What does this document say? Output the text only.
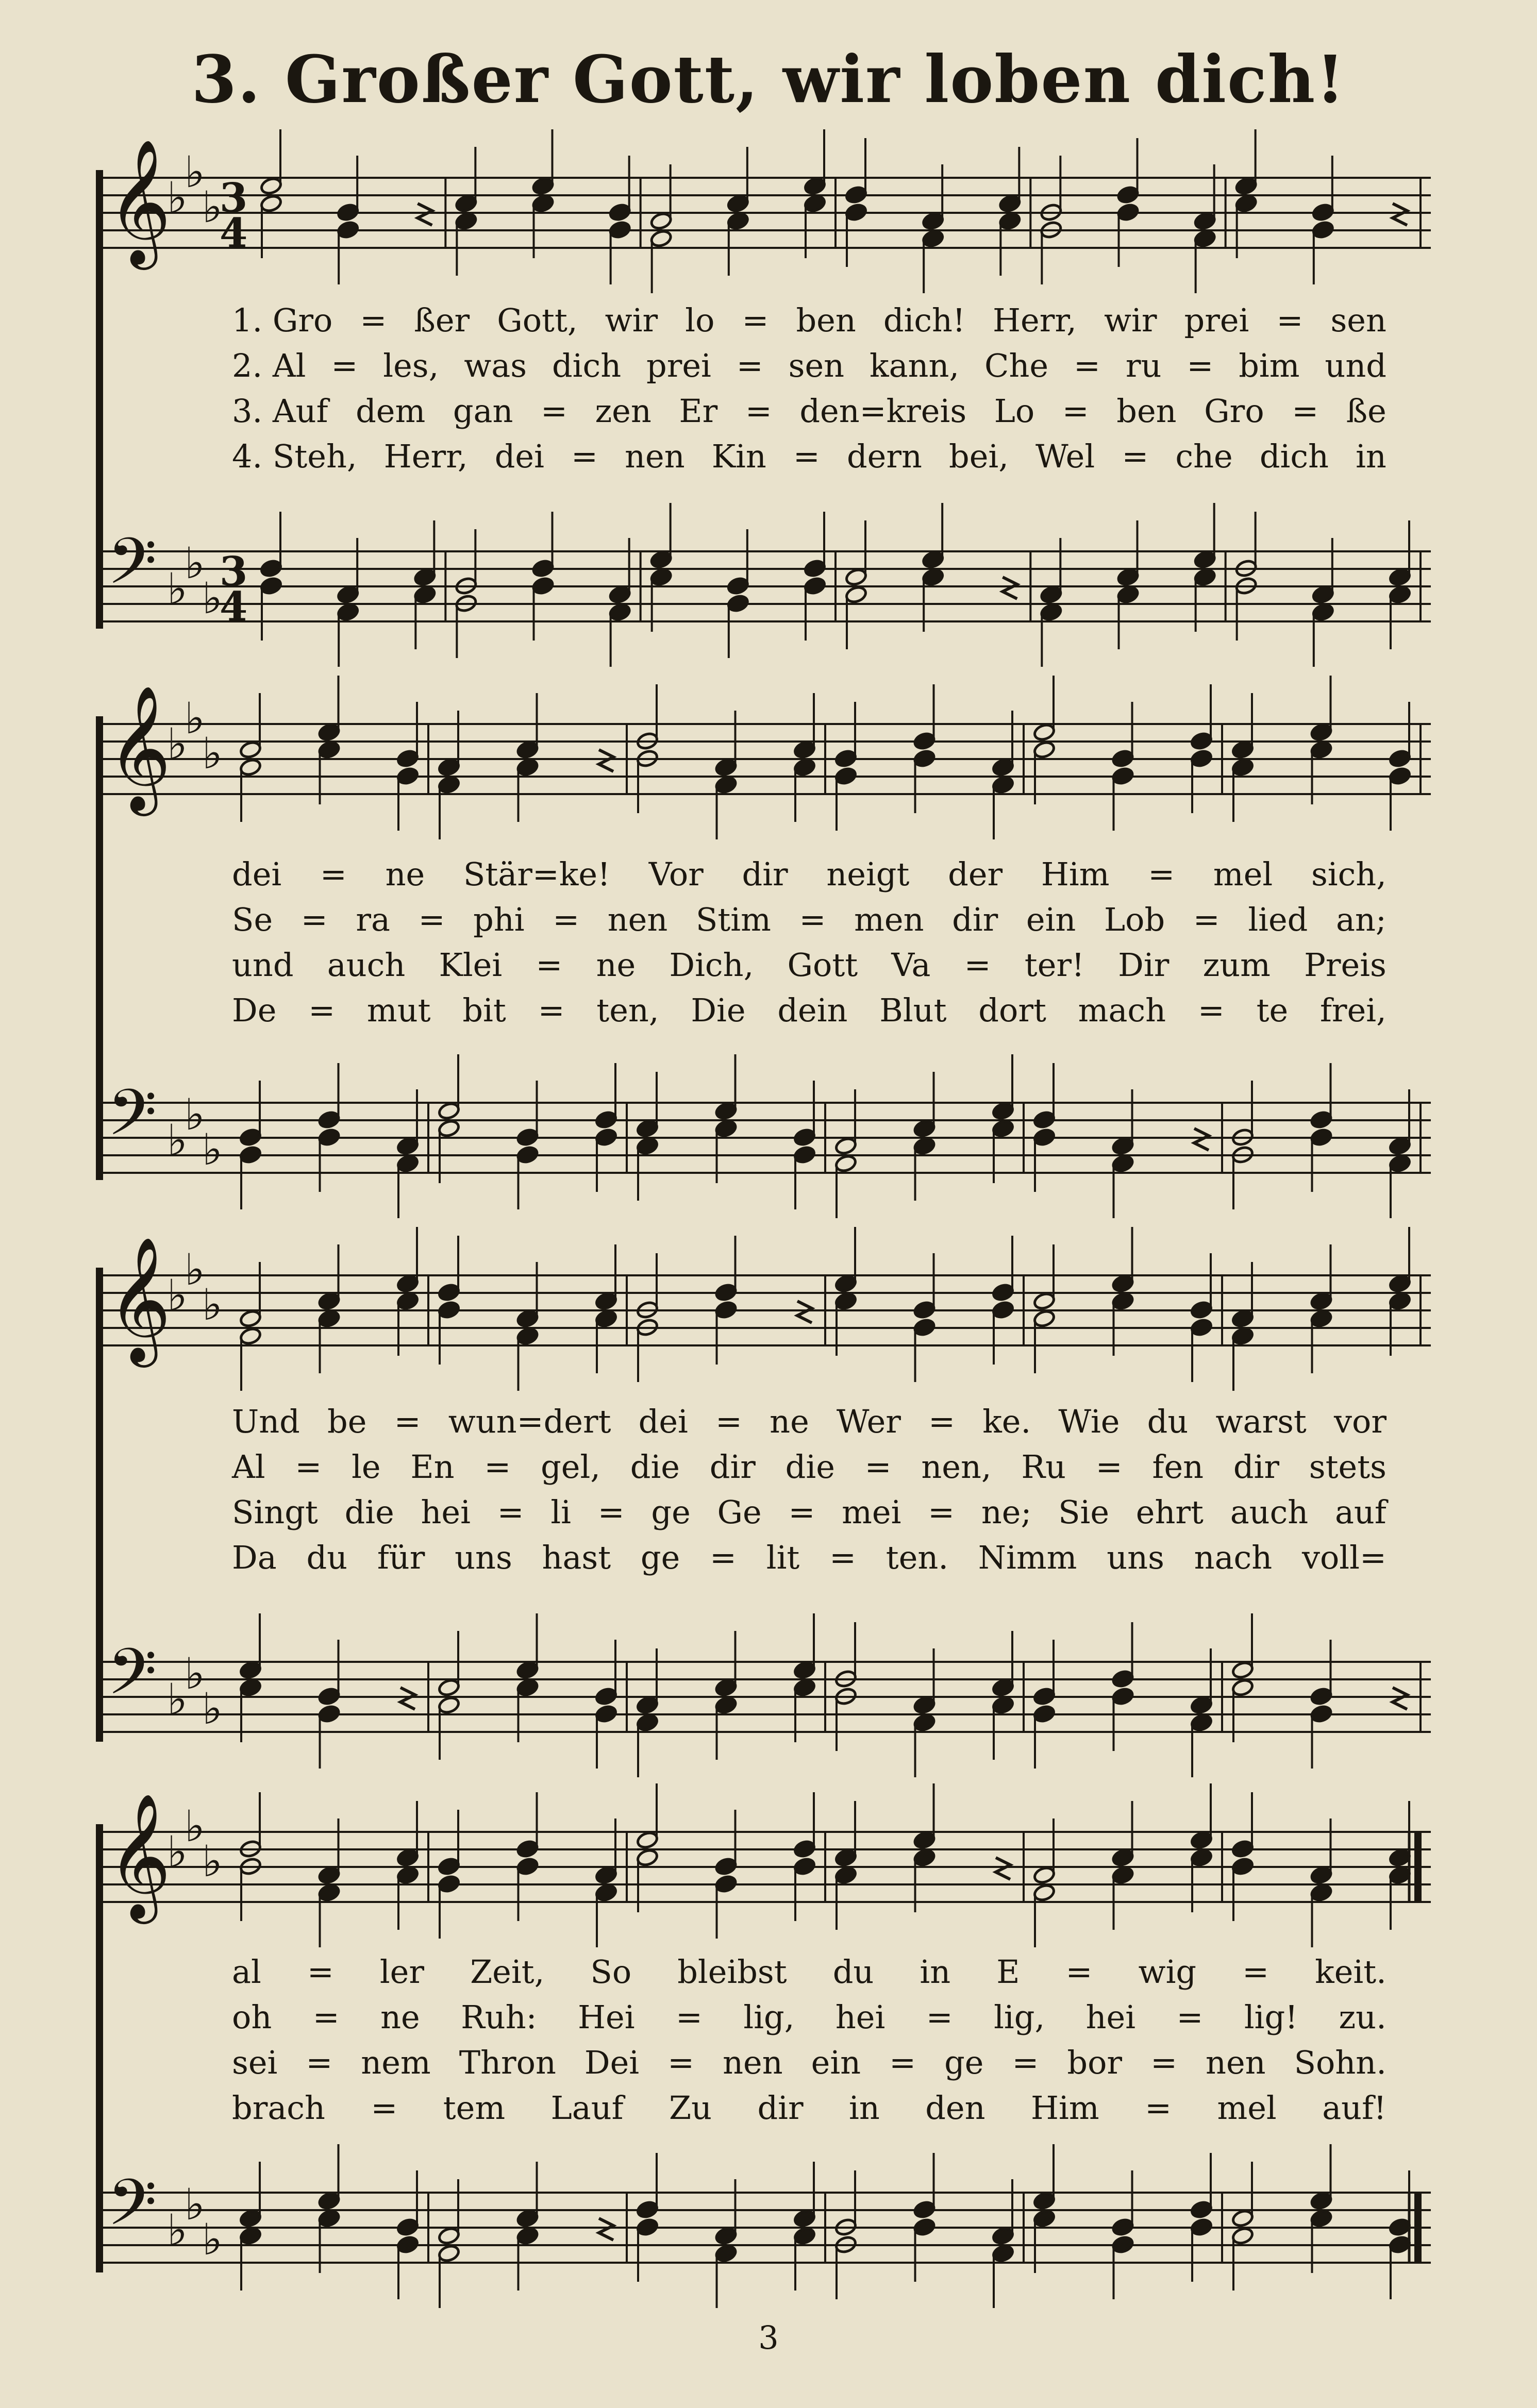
3. Großer Gott, wir loben dich!
𝄞
♭
♭
♭
3
4
1. Gro = ßer Gott, wir lo = ben dich! Herr, wir prei = sen
2. Al = les, was dich prei = sen kann, Che = ru = bim und
3. Auf dem gan = zen Er = den=kreis Lo = ben Gro = ße
4. Steh, Herr, dei = nen Kin = dern bei, Wel = che dich in
𝄢 ♭
♭
♭
3
4
𝄞
♭
♭
♭
dei = ne Stär=ke! Vor dir neigt der Him = mel sich,
Se = ra = phi = nen Stim = men dir ein Lob = lied an;
und auch Klei = ne Dich, Gott Va = ter! Dir zum Preis
De = mut bit = ten, Die dein Blut dort mach = te frei,
𝄢 ♭
♭
♭
𝄞
♭
♭
♭
Und be = wun=dert dei = ne Wer = ke. Wie du warst vor
Al = le En = gel, die dir die = nen, Ru = fen dir stets
Singt die hei = li = ge Ge = mei = ne; Sie ehrt auch auf
Da du für uns hast ge = lit = ten. Nimm uns nach voll=
𝄢 ♭
♭
♭
𝄞
♭
♭
♭
al = ler Zeit, So bleibst du in E = wig = keit.
oh = ne Ruh: Hei = lig, hei = lig, hei = lig! zu.
sei = nem Thron Dei = nen ein = ge = bor = nen Sohn.
brach = tem Lauf Zu dir in den Him = mel auf!
𝄢 ♭
♭
♭
3
